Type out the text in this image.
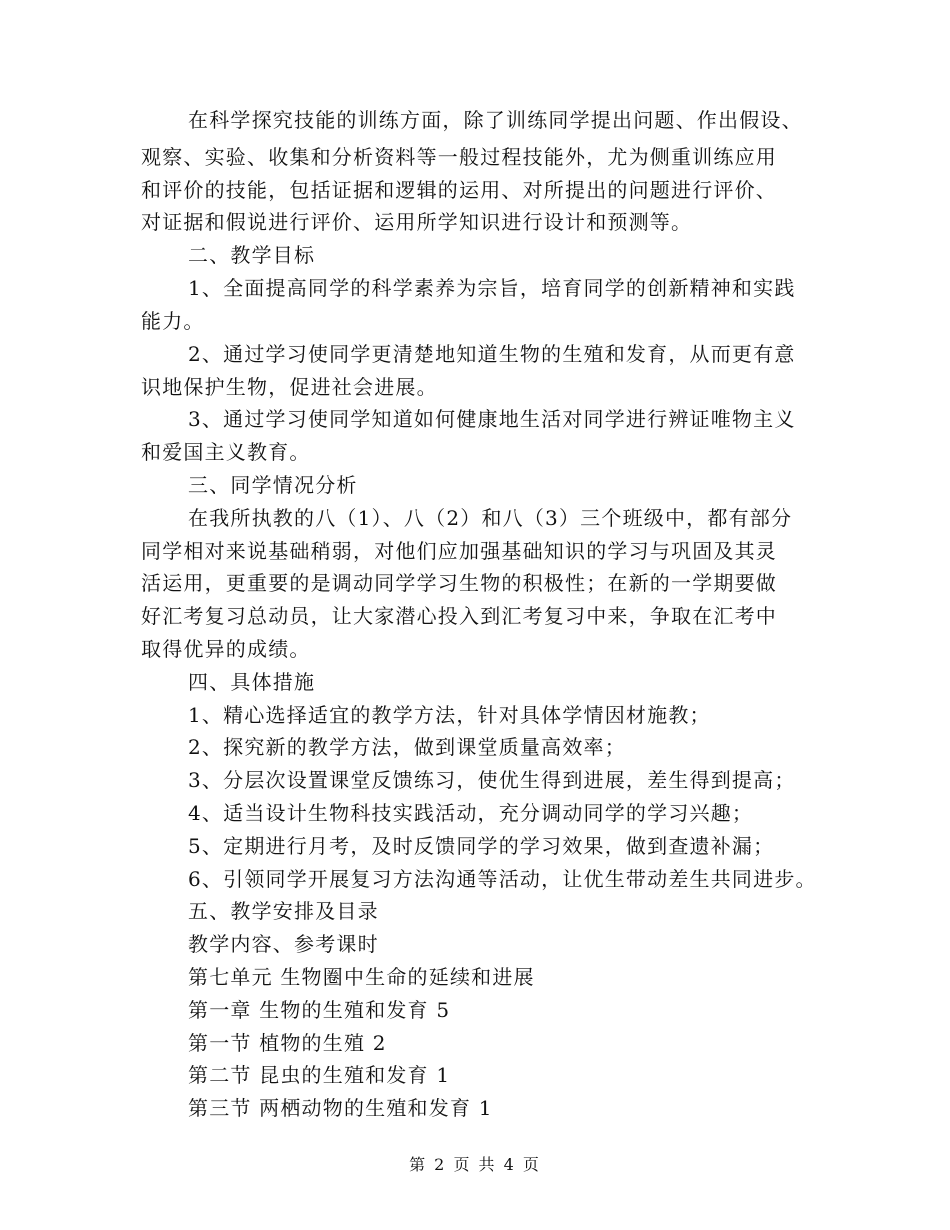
在科学探究技能的训练方面，除了训练同学提出问题、作出假设、
观察、实验、收集和分析资料等一般过程技能外，尤为侧重训练应用
和评价的技能，包括证据和逻辑的运用、对所提出的问题进行评价、
对证据和假说进行评价、运用所学知识进行设计和预测等。
二、教学目标
1、全面提高同学的科学素养为宗旨，培育同学的创新精神和实践
能力。
2、通过学习使同学更清楚地知道生物的生殖和发育，从而更有意
识地保护生物，促进社会进展。
3、通过学习使同学知道如何健康地生活对同学进行辨证唯物主义
和爱国主义教育。
三、同学情况分析
在我所执教的八（1）、八（2）和八（3）三个班级中，都有部分
同学相对来说基础稍弱，对他们应加强基础知识的学习与巩固及其灵
活运用，更重要的是调动同学学习生物的积极性；在新的一学期要做
好汇考复习总动员，让大家潜心投入到汇考复习中来，争取在汇考中
取得优异的成绩。
四、具体措施
1、精心选择适宜的教学方法，针对具体学情因材施教；
2、探究新的教学方法，做到课堂质量高效率；
3、分层次设置课堂反馈练习，使优生得到进展，差生得到提高；
4、适当设计生物科技实践活动，充分调动同学的学习兴趣；
5、定期进行月考，及时反馈同学的学习效果，做到查遗补漏；
6、引领同学开展复习方法沟通等活动，让优生带动差生共同进步。
五、教学安排及目录
教学内容、参考课时
第七单元 生物圈中生命的延续和进展
第一章 生物的生殖和发育 5
第一节 植物的生殖 2
第二节 昆虫的生殖和发育 1
第三节 两栖动物的生殖和发育 1
第 2 页 共 4 页
